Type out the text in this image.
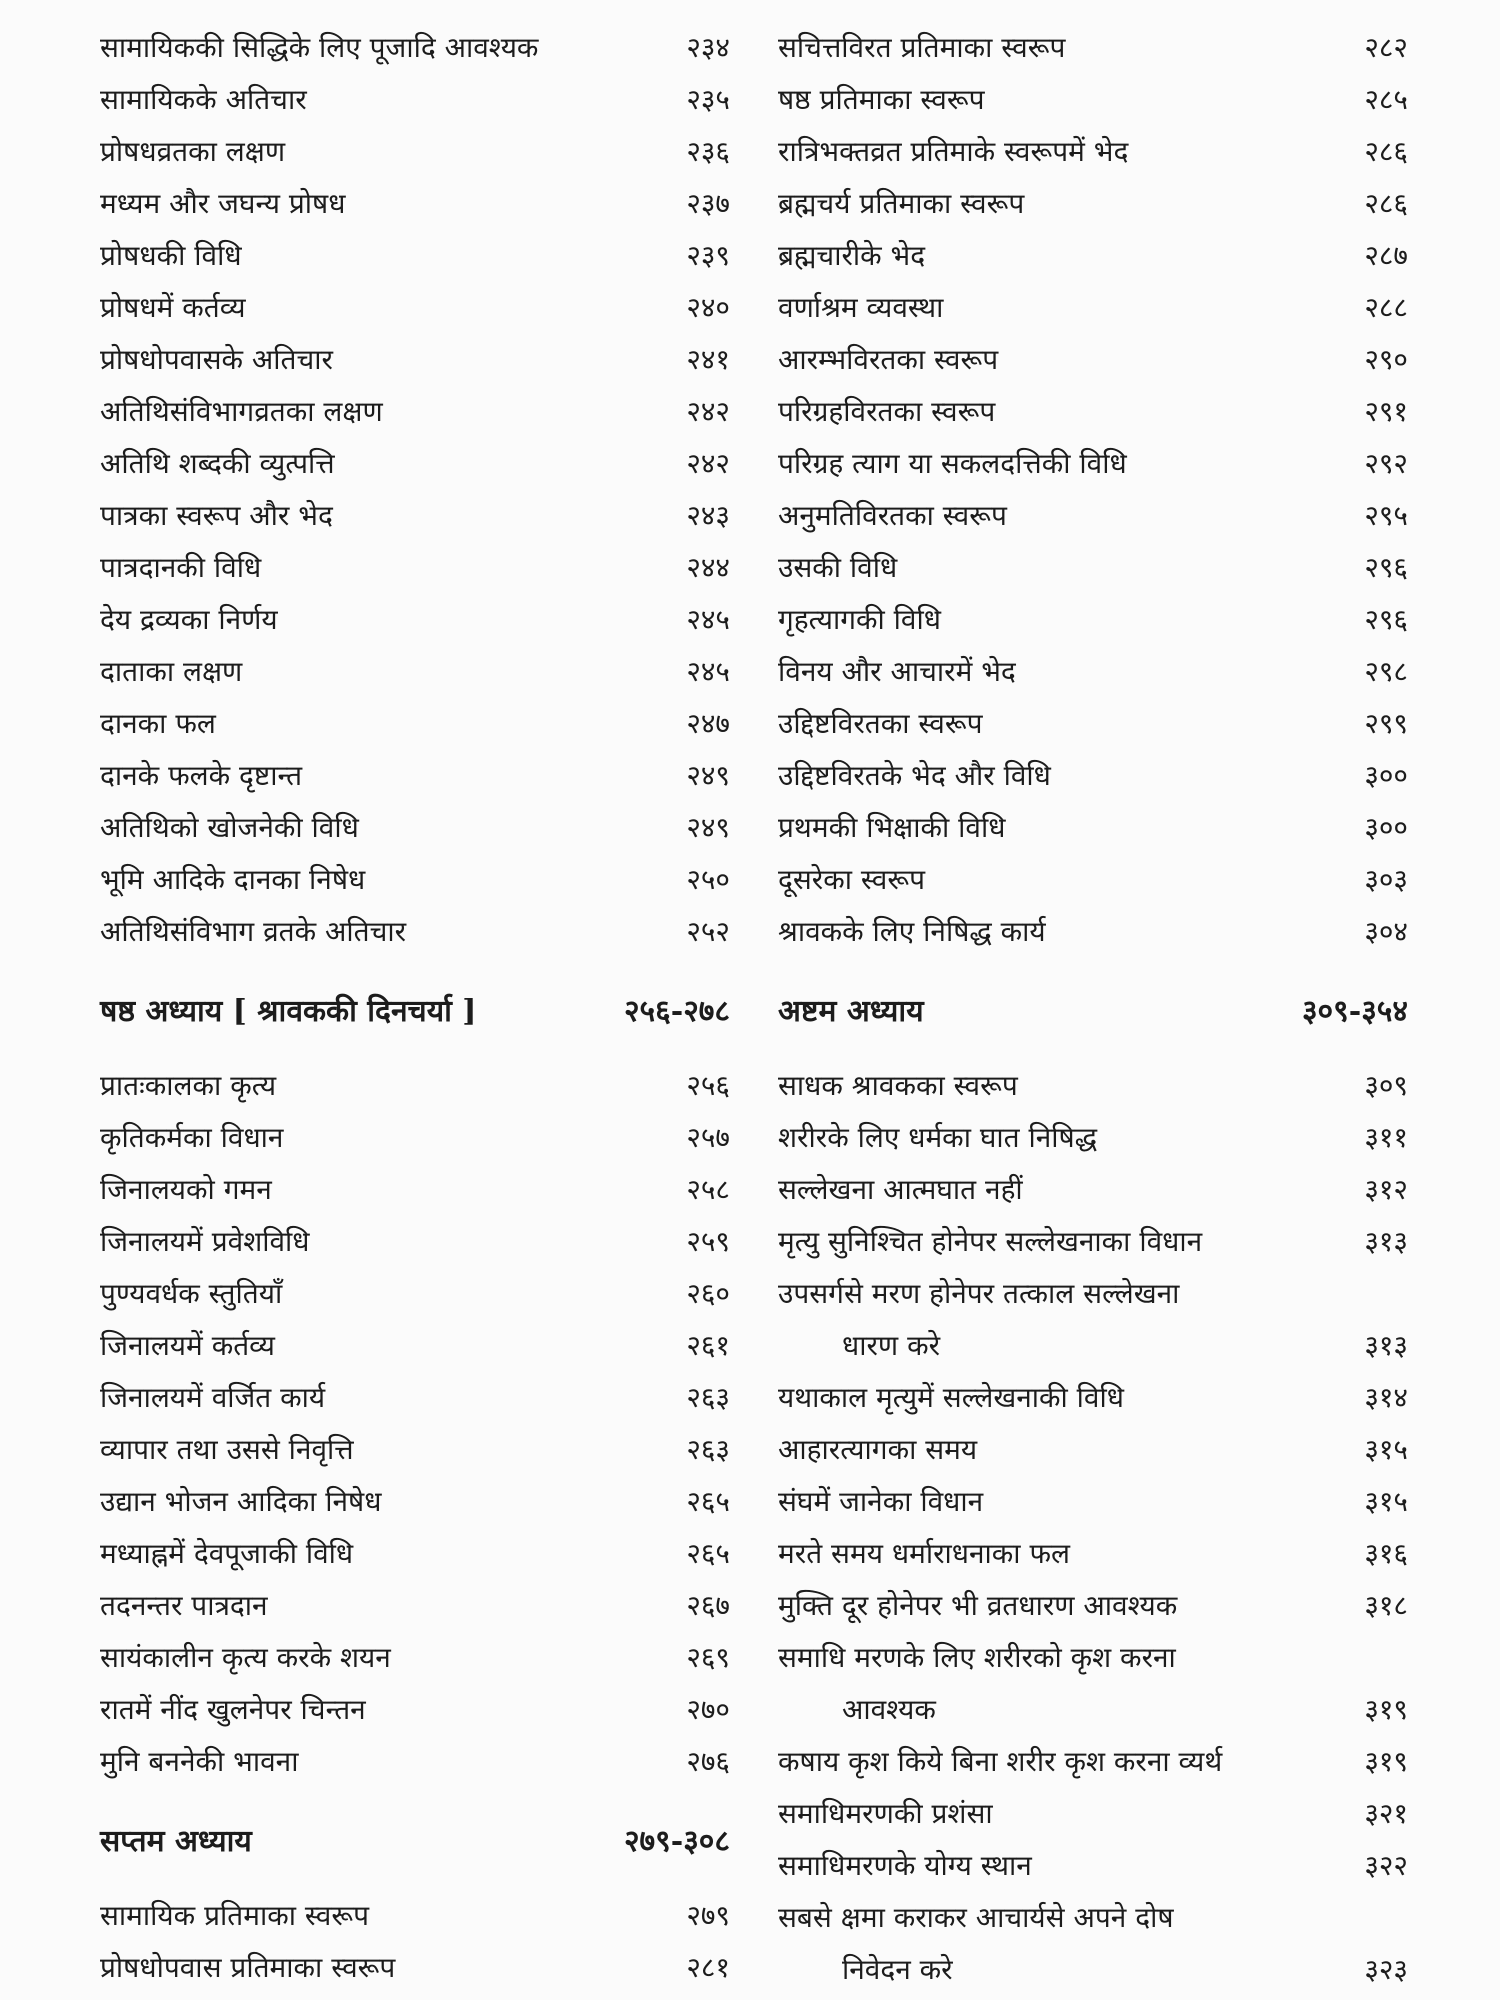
सामायिककी सिद्धिके लिए पूजादि आवश्यक	२३४
सामायिकके अतिचार	२३५
प्रोषधव्रतका लक्षण	२३६
मध्यम और जघन्य प्रोषध	२३७
प्रोषधकी विधि	२३९
प्रोषधमें कर्तव्य	२४०
प्रोषधोपवासके अतिचार	२४१
अतिथिसंविभागव्रतका लक्षण	२४२
अतिथि शब्दकी व्युत्पत्ति	२४२
पात्रका स्वरूप और भेद	२४३
पात्रदानकी विधि	२४४
देय द्रव्यका निर्णय	२४५
दाताका लक्षण	२४५
दानका फल	२४७
दानके फलके दृष्टान्त	२४९
अतिथिको खोजनेकी विधि	२४९
भूमि आदिके दानका निषेध	२५०
अतिथिसंविभाग व्रतके अतिचार	२५२
षष्ठ अध्याय [ श्रावककी दिनचर्या ]	२५६-२७८
प्रातःकालका कृत्य	२५६
कृतिकर्मका विधान	२५७
जिनालयको गमन	२५८
जिनालयमें प्रवेशविधि	२५९
पुण्यवर्धक स्तुतियाँ	२६०
जिनालयमें कर्तव्य	२६१
जिनालयमें वर्जित कार्य	२६३
व्यापार तथा उससे निवृत्ति	२६३
उद्यान भोजन आदिका निषेध	२६५
मध्याह्नमें देवपूजाकी विधि	२६५
तदनन्तर पात्रदान	२६७
सायंकालीन कृत्य करके शयन	२६९
रातमें नींद खुलनेपर चिन्तन	२७०
मुनि बननेकी भावना	२७६
सप्तम अध्याय	२७९-३०८
सामायिक प्रतिमाका स्वरूप	२७९
प्रोषधोपवास प्रतिमाका स्वरूप	२८१
सचित्तविरत प्रतिमाका स्वरूप	२८२
षष्ठ प्रतिमाका स्वरूप	२८५
रात्रिभक्तव्रत प्रतिमाके स्वरूपमें भेद	२८६
ब्रह्मचर्य प्रतिमाका स्वरूप	२८६
ब्रह्मचारीके भेद	२८७
वर्णाश्रम व्यवस्था	२८८
आरम्भविरतका स्वरूप	२९०
परिग्रहविरतका स्वरूप	२९१
परिग्रह त्याग या सकलदत्तिकी विधि	२९२
अनुमतिविरतका स्वरूप	२९५
उसकी विधि	२९६
गृहत्यागकी विधि	२९६
विनय और आचारमें भेद	२९८
उद्दिष्टविरतका स्वरूप	२९९
उद्दिष्टविरतके भेद और विधि	३००
प्रथमकी भिक्षाकी विधि	३००
दूसरेका स्वरूप	३०३
श्रावकके लिए निषिद्ध कार्य	३०४
अष्टम अध्याय	३०९-३५४
साधक श्रावकका स्वरूप	३०९
शरीरके लिए धर्मका घात निषिद्ध	३११
सल्लेखना आत्मघात नहीं	३१२
मृत्यु सुनिश्चित होनेपर सल्लेखनाका विधान	३१३
उपसर्गसे मरण होनेपर तत्काल सल्लेखना
धारण करे	३१३
यथाकाल मृत्युमें सल्लेखनाकी विधि	३१४
आहारत्यागका समय	३१५
संघमें जानेका विधान	३१५
मरते समय धर्माराधनाका फल	३१६
मुक्ति दूर होनेपर भी व्रतधारण आवश्यक	३१८
समाधि मरणके लिए शरीरको कृश करना
आवश्यक	३१९
कषाय कृश किये बिना शरीर कृश करना व्यर्थ	३१९
समाधिमरणकी प्रशंसा	३२१
समाधिमरणके योग्य स्थान	३२२
सबसे क्षमा कराकर आचार्यसे अपने दोष
निवेदन करे	३२३
